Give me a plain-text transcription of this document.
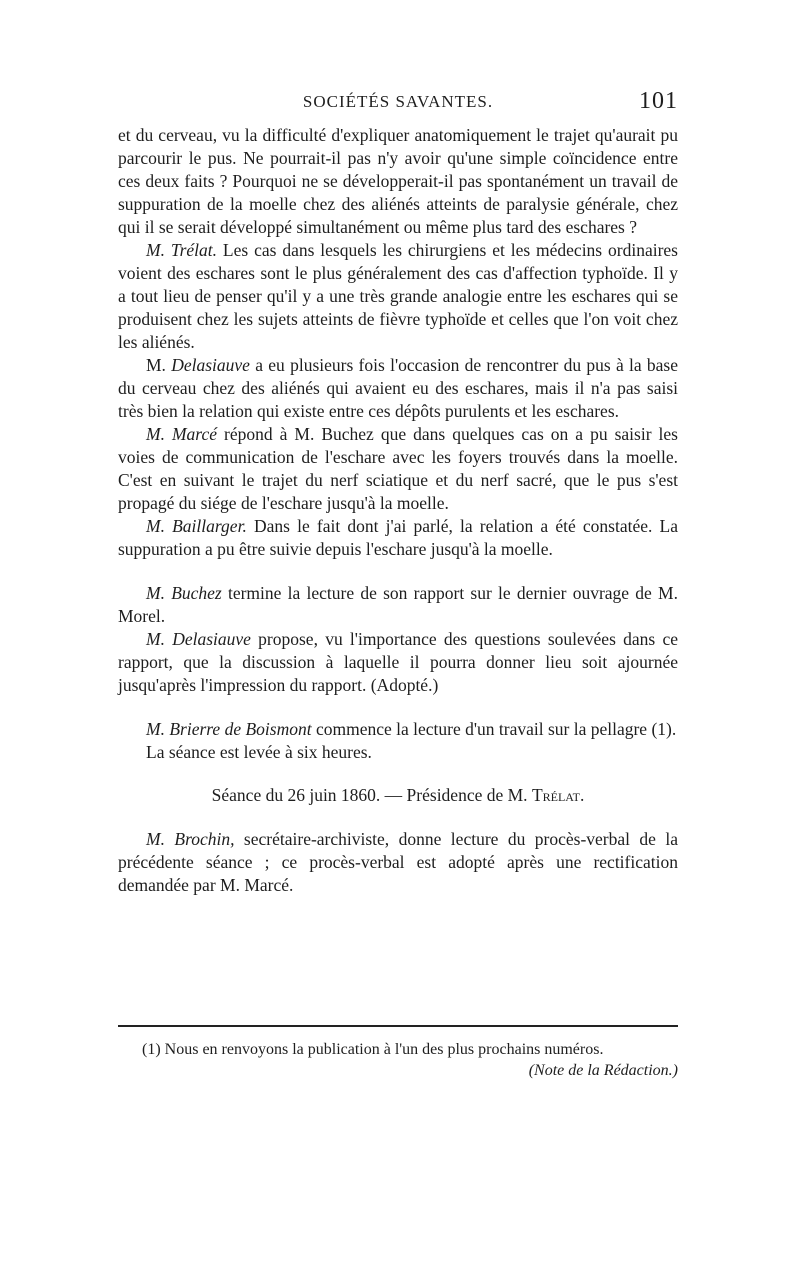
SOCIÉTÉS SAVANTES.	101

et du cerveau, vu la difficulté d'expliquer anatomiquement le trajet qu'aurait pu parcourir le pus. Ne pourrait-il pas n'y avoir qu'une simple coïncidence entre ces deux faits ? Pourquoi ne se développerait-il pas spontanément un travail de suppuration de la moelle chez des aliénés atteints de paralysie générale, chez qui il se serait développé simultanément ou même plus tard des eschares ?

M. Trélat. Les cas dans lesquels les chirurgiens et les médecins ordinaires voient des eschares sont le plus généralement des cas d'affection typhoïde. Il y a tout lieu de penser qu'il y a une très grande analogie entre les eschares qui se produisent chez les sujets atteints de fièvre typhoïde et celles que l'on voit chez les aliénés.

M. Delasiauve a eu plusieurs fois l'occasion de rencontrer du pus à la base du cerveau chez des aliénés qui avaient eu des eschares, mais il n'a pas saisi très bien la relation qui existe entre ces dépôts purulents et les eschares.

M. Marcé répond à M. Buchez que dans quelques cas on a pu saisir les voies de communication de l'eschare avec les foyers trouvés dans la moelle. C'est en suivant le trajet du nerf sciatique et du nerf sacré, que le pus s'est propagé du siége de l'eschare jusqu'à la moelle.

M. Baillarger. Dans le fait dont j'ai parlé, la relation a été constatée. La suppuration a pu être suivie depuis l'eschare jusqu'à la moelle.

M. Buchez termine la lecture de son rapport sur le dernier ouvrage de M. Morel.

M. Delasiauve propose, vu l'importance des questions soulevées dans ce rapport, que la discussion à laquelle il pourra donner lieu soit ajournée jusqu'après l'impression du rapport. (Adopté.)

M. Brierre de Boismont commence la lecture d'un travail sur la pellagre (1).

La séance est levée à six heures.

Séance du 26 juin 1860. — Présidence de M. Trélat.

M. Brochin, secrétaire-archiviste, donne lecture du procès-verbal de la précédente séance ; ce procès-verbal est adopté après une rectification demandée par M. Marcé.

(1) Nous en renvoyons la publication à l'un des plus prochains numéros.
(Note de la Rédaction.)
